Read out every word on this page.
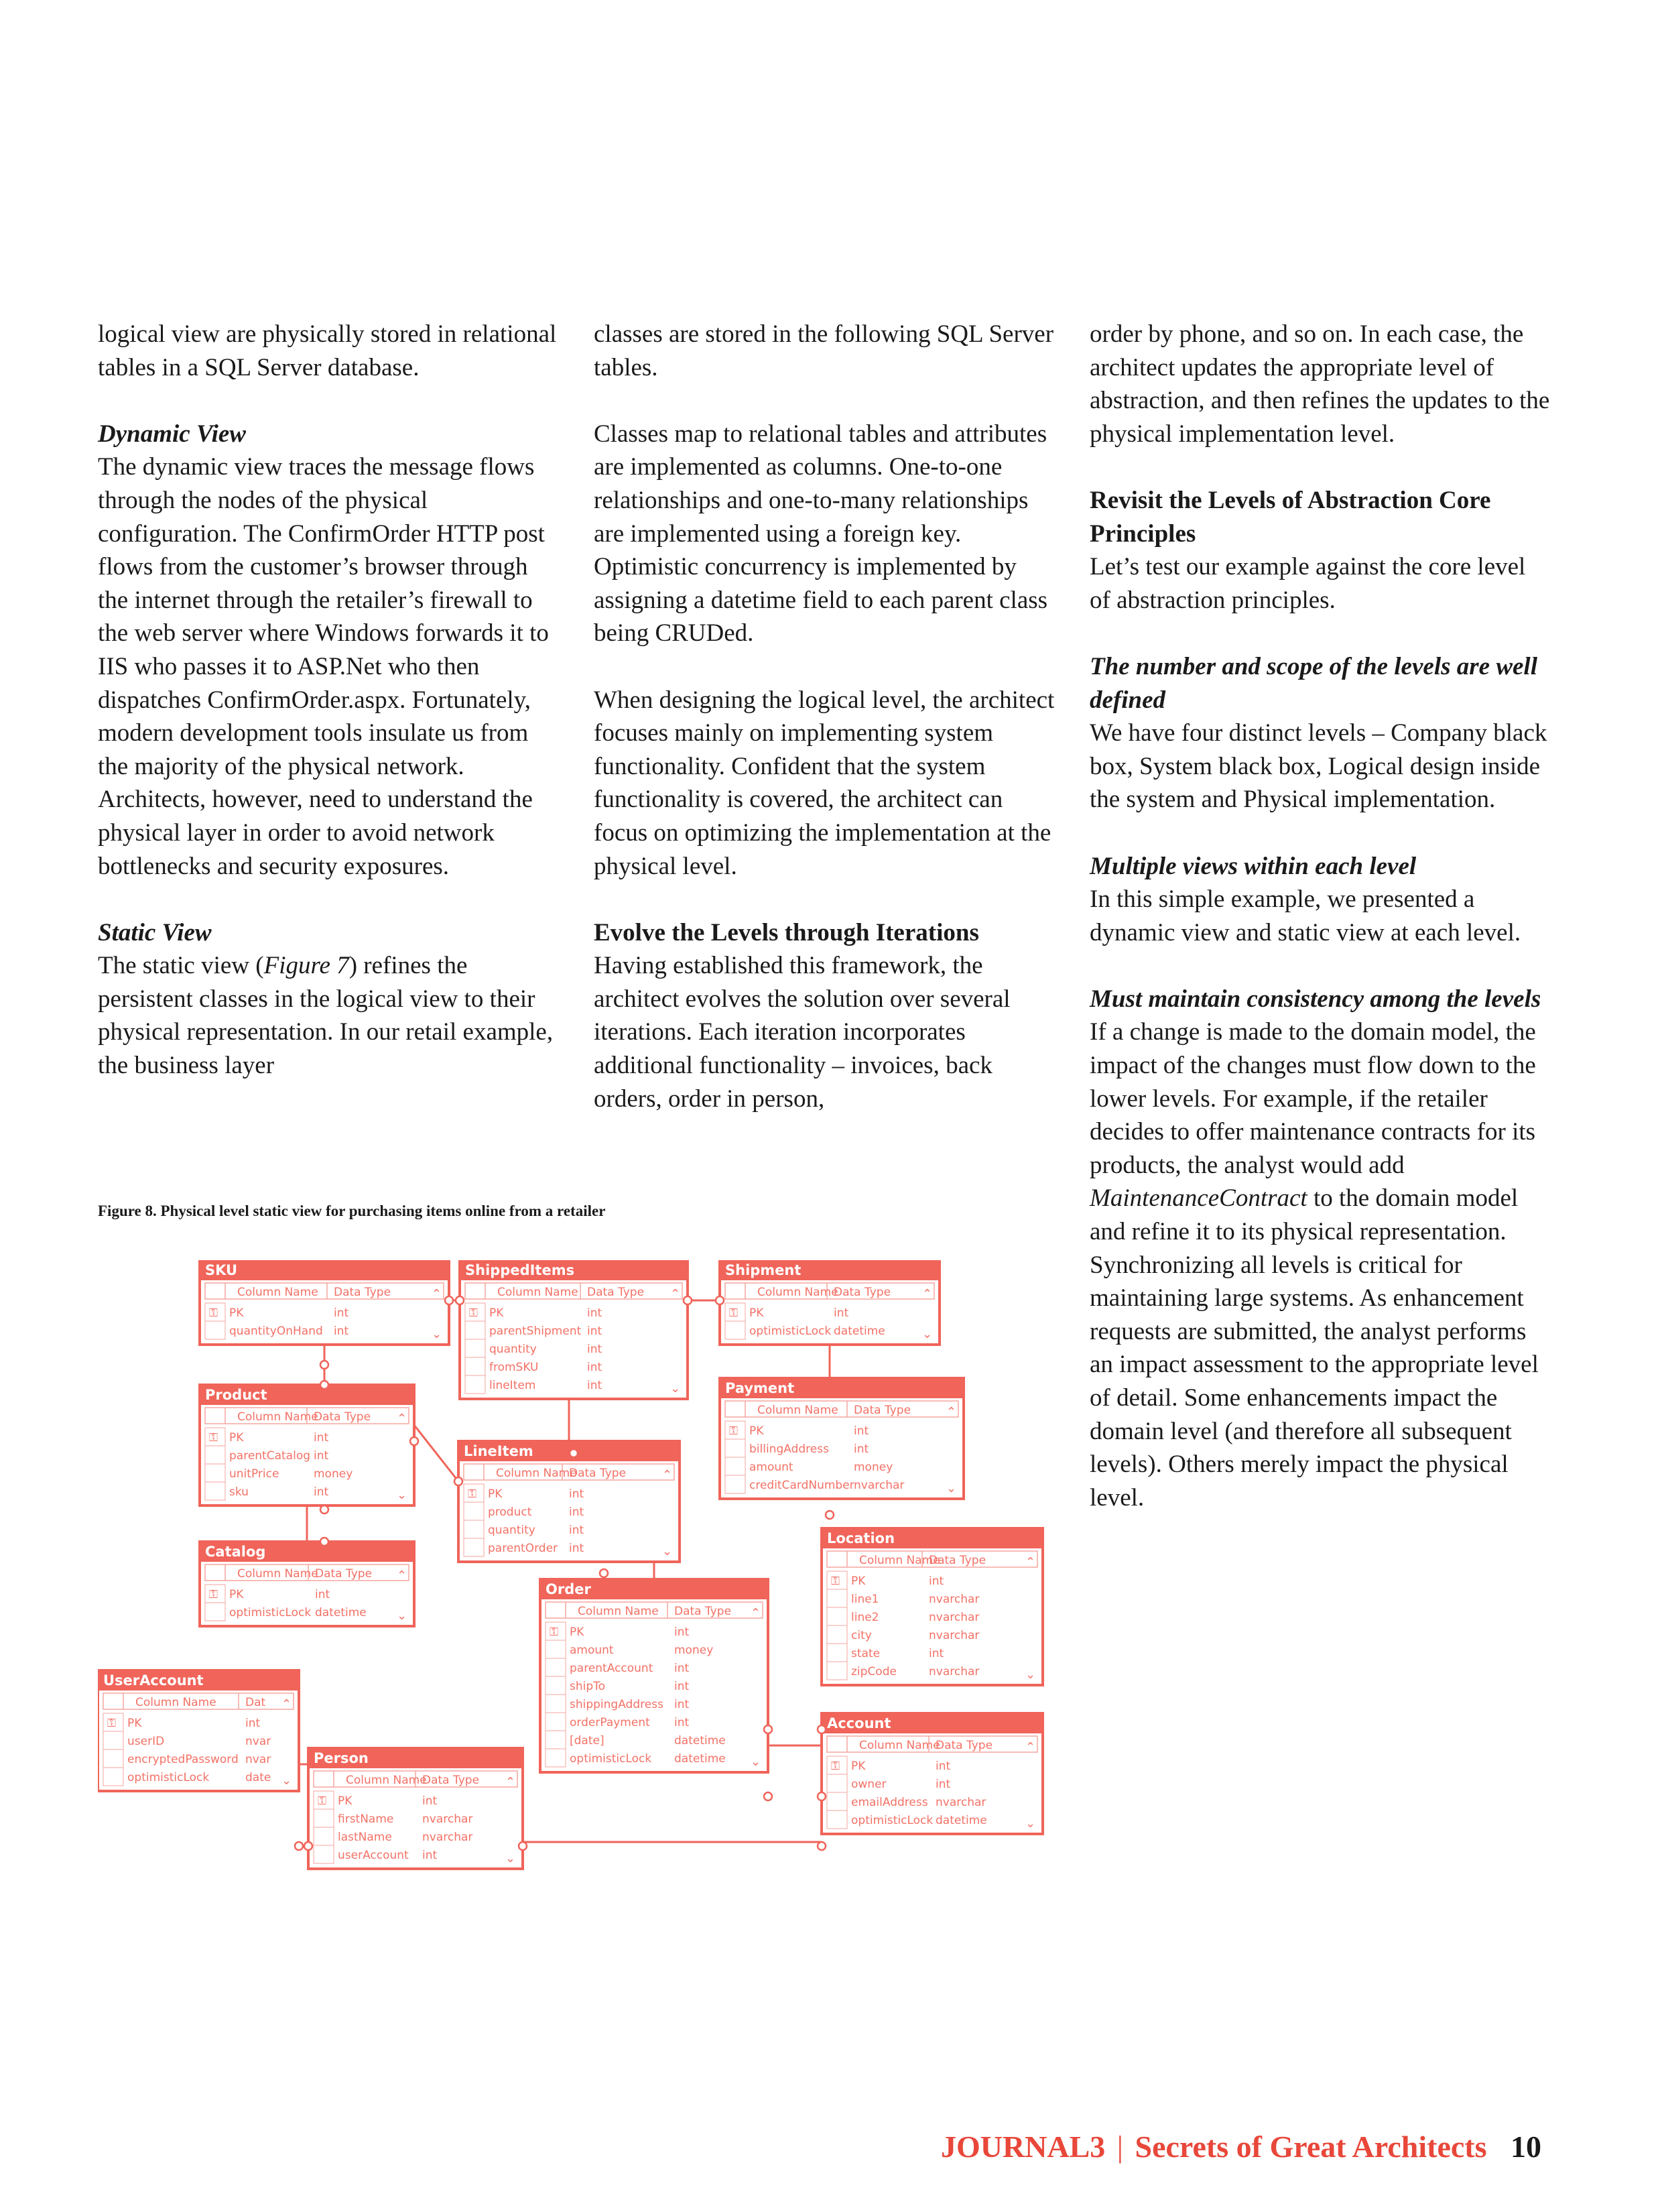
logical view are physically stored in relational tables in a SQL Server database.

Dynamic View
The dynamic view traces the message flows through the nodes of the physical configuration. The ConfirmOrder HTTP post flows from the customer’s browser through the internet through the retailer’s firewall to the web server where Windows forwards it to IIS who passes it to ASP.Net who then dispatches ConfirmOrder.aspx. Fortunately, modern development tools insulate us from the majority of the physical network. Architects, however, need to understand the physical layer in order to avoid network bottlenecks and security exposures.

Static View
The static view (Figure 7) refines the persistent classes in the logical view to their physical representation. In our retail example, the business layer

classes are stored in the following SQL Server tables.

Classes map to relational tables and attributes are implemented as columns. One-to-one relationships and one-to-many relationships are implemented using a foreign key. Optimistic concurrency is implemented by assigning a datetime field to each parent class being CRUDed.

When designing the logical level, the architect focuses mainly on implementing system functionality. Confident that the system functionality is covered, the architect can focus on optimizing the implementation at the physical level.

Evolve the Levels through Iterations
Having established this framework, the architect evolves the solution over several iterations. Each iteration incorporates additional functionality – invoices, back orders, order in person,

order by phone, and so on. In each case, the architect updates the appropriate level of abstraction, and then refines the updates to the physical implementation level.

Revisit the Levels of Abstraction Core Principles
Let’s test our example against the core level of abstraction principles.

The number and scope of the levels are well defined
We have four distinct levels – Company black box, System black box, Logical design inside the system and Physical implementation.

Multiple views within each level
In this simple example, we presented a dynamic view and static view at each level.

Must maintain consistency among the levels
If a change is made to the domain model, the impact of the changes must flow down to the lower levels. For example, if the retailer decides to offer maintenance contracts for its products, the analyst would add MaintenanceContract to the domain model and refine it to its physical representation. Synchronizing all levels is critical for maintaining large systems. As enhancement requests are submitted, the analyst performs an impact assessment to the appropriate level of detail. Some enhancements impact the domain level (and therefore all subsequent levels). Others merely impact the physical level.

Figure 8. Physical level static view for purchasing items online from a retailer
SKU
Column Name Data Type	⌃
⚿ PK	int
quantityOnHand int	⌄
ShippedItems
Column Name Data Type ⌃
⚿ PK	int
parentShipment int
quantity	int
fromSKU	int
lineItem	int	⌄
Shipment
Column Name
Data Type	⌃
⚿ PK	int
optimisticLock datetime	⌄
Product
Column Name
Data Type ⌃
⚿ PK	int
parentCatalog int
unitPrice	money
sku	int	⌄
Payment
Column Name Data Type	⌃
⚿ PK	int
billingAddress int
amount	money
creditCardNumber nvarchar	⌄
LineItem
Column Name
Data Type	⌃
⚿ PK	int
product	int
quantity	int
parentOrder int	⌄
Catalog
Column Name
Data Type ⌃
⚿ PK	int
optimisticLock datetime	⌄
Location
Column Name
Data Type	⌃
⚿ PK	int
line1	nvarchar
line2	nvarchar
city	nvarchar
state	int
zipCode	nvarchar	⌄
Order
Column Name Data Type ⌃
⚿ PK	int
amount	money
parentAccount int
shipTo	int
shippingAddress int
orderPayment int
[date]	datetime
optimisticLock datetime ⌄
UserAccount
Column Name	Dat ⌃
⚿ PK	int
userID	nvar
encryptedPassword nvar
optimisticLock	date ⌄
Person
Column Name
Data Type ⌃
⚿ PK	int
firstName	nvarchar
lastName	nvarchar
userAccount int	⌄
Account
Column Name
Data Type	⌃
⚿ PK	int
owner	int
emailAddress nvarchar
optimisticLock datetime	⌄
JOURNAL3 | Secrets of Great Architects 10
